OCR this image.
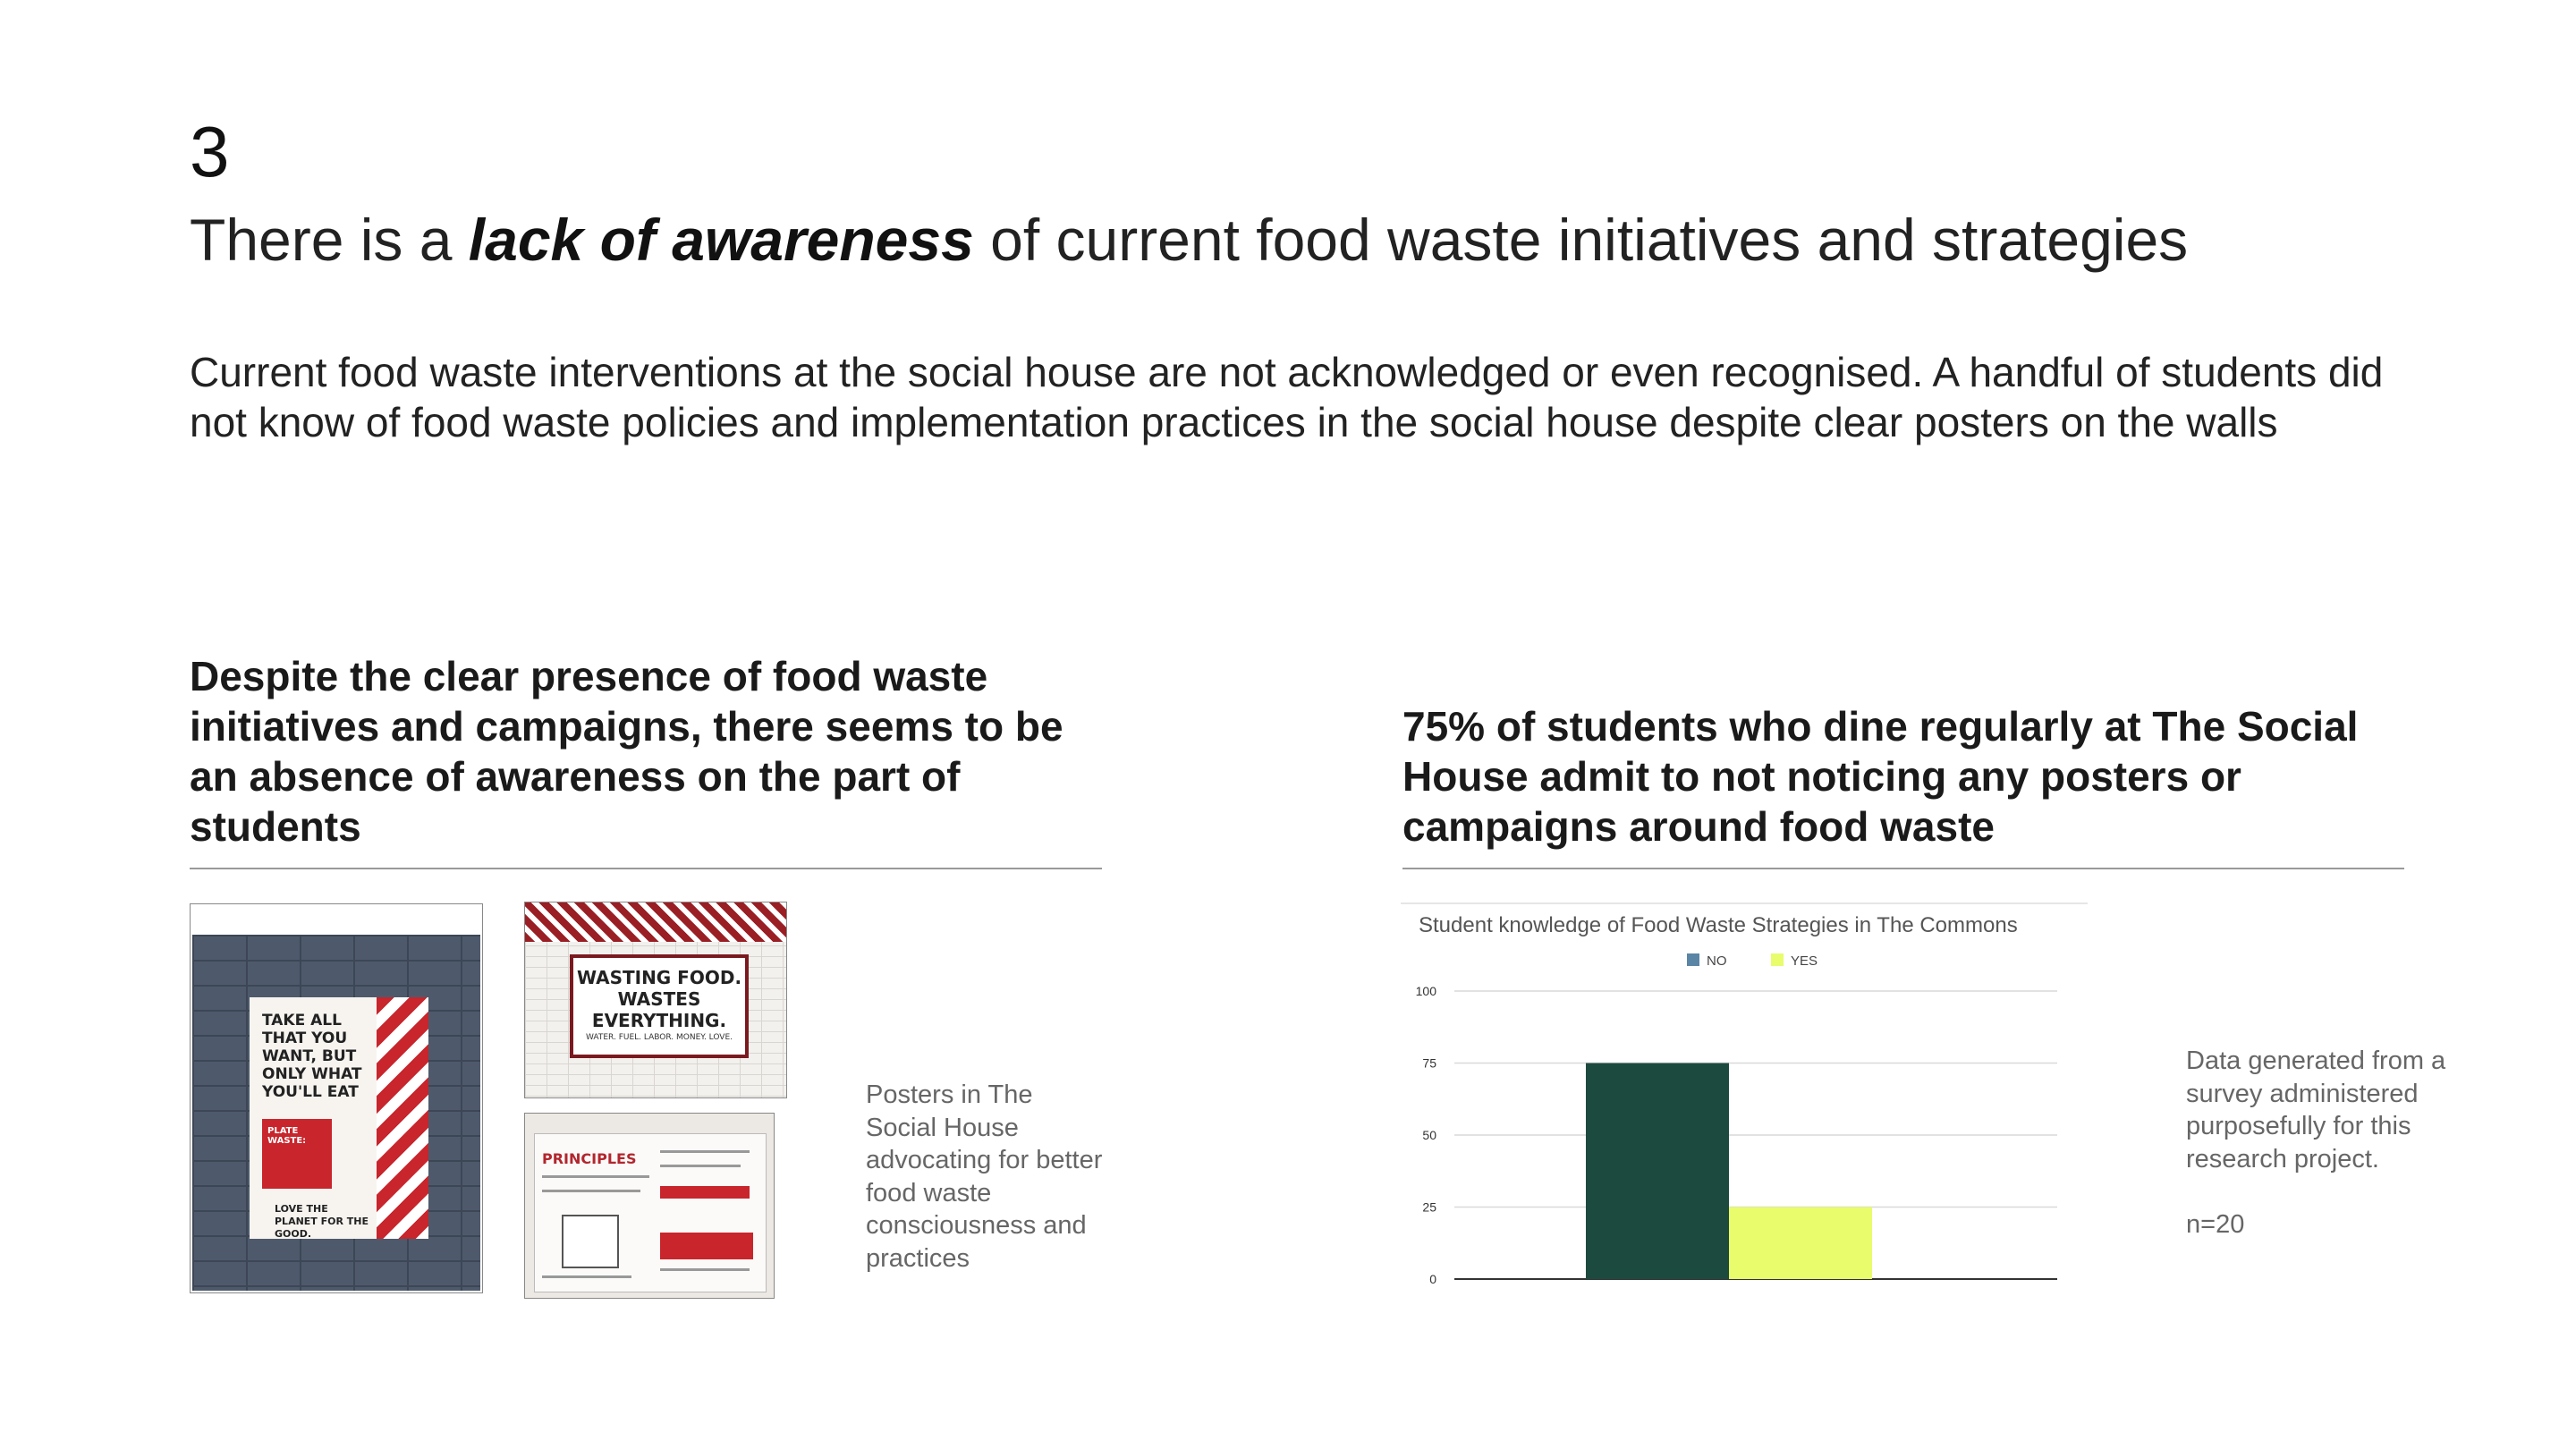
3
There is a lack of awareness of current food waste initiatives and strategies
Current food waste interventions at the social house are not acknowledged or even recognised. A handful of students did not know of food waste policies and implementation practices in the social house despite clear posters on the walls
Despite the clear presence of food waste initiatives and campaigns, there seems to be an absence of awareness on the part of students
75% of students who dine regularly at The Social House admit to not noticing any posters or campaigns around food waste
TAKE ALL THAT YOU WANT, BUT ONLY WHAT YOU'LL EAT
PLATE WASTE:
LOVE THE PLANET FOR THE GOOD.
WASTING FOOD. WASTES EVERYTHING.
WATER. FUEL. LABOR. MONEY. LOVE.
PRINCIPLES
Posters in The Social House advocating for better food waste consciousness and practices
Student knowledge of Food Waste Strategies in The Commons
NO	YES
0
25
50
75
100
Data generated from a survey administered purposefully for this research project.

n=20
